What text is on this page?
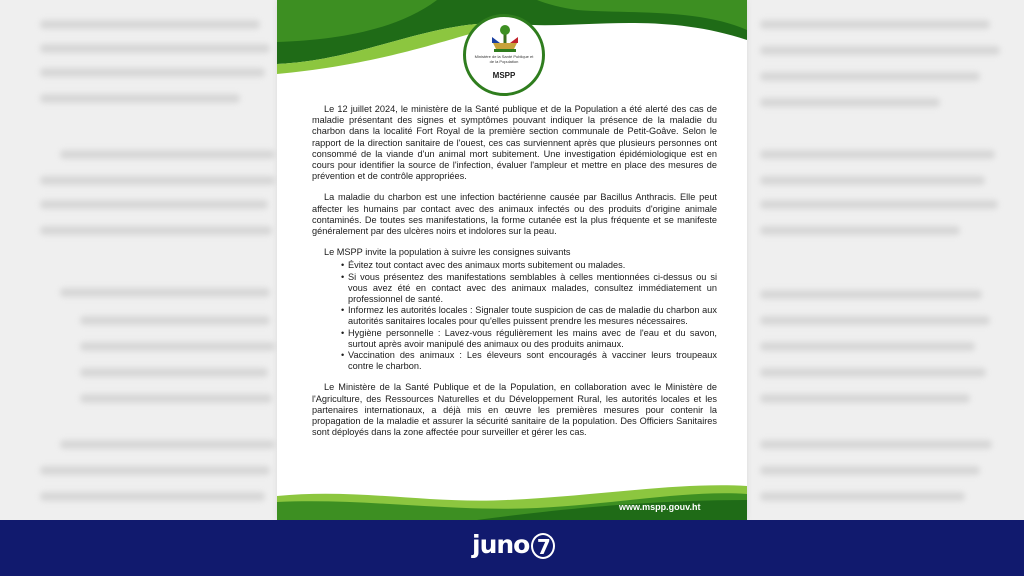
Ministère de la Santé Publique et de la Population
MSPP

Le 12 juillet 2024, le ministère de la Santé publique et de la Population a été alerté des cas de maladie présentant des signes et symptômes pouvant indiquer la présence de la maladie du charbon dans la localité Fort Royal de la première section communale de Petit-Goâve. Selon le rapport de la direction sanitaire de l'ouest, ces cas surviennent après que plusieurs personnes ont consommé de la viande d'un animal mort subitement. Une investigation épidémiologique est en cours pour identifier la source de l'infection, évaluer l'ampleur et mettre en place des mesures de prévention et de contrôle appropriées.

La maladie du charbon est une infection bactérienne causée par Bacillus Anthracis. Elle peut affecter les humains par contact avec des animaux infectés ou des produits d'origine animale contaminés. De toutes ses manifestations, la forme cutanée est la plus fréquente et se manifeste généralement par des ulcères noirs et indolores sur la peau.

Le MSPP invite la population à suivre les consignes suivants

• Évitez tout contact avec des animaux morts subitement ou malades.
• Si vous présentez des manifestations semblables à celles mentionnées ci-dessus ou si vous avez été en contact avec des animaux malades, consultez immédiatement un professionnel de santé.
• Informez les autorités locales : Signaler toute suspicion de cas de maladie du charbon aux autorités sanitaires locales pour qu'elles puissent prendre les mesures nécessaires.
• Hygiène personnelle : Lavez-vous régulièrement les mains avec de l'eau et du savon, surtout après avoir manipulé des animaux ou des produits animaux.
• Vaccination des animaux : Les éleveurs sont encouragés à vacciner leurs troupeaux contre le charbon.

Le Ministère de la Santé Publique et de la Population, en collaboration avec le Ministère de l'Agriculture, des Ressources Naturelles et du Développement Rural, les autorités locales et les partenaires internationaux, a déjà mis en œuvre les premières mesures pour contenir la propagation de la maladie et assurer la sécurité sanitaire de la population. Des Officiers Sanitaires sont déployés dans la zone affectée pour surveiller et gérer les cas.

www.mspp.gouv.ht
juno 7
